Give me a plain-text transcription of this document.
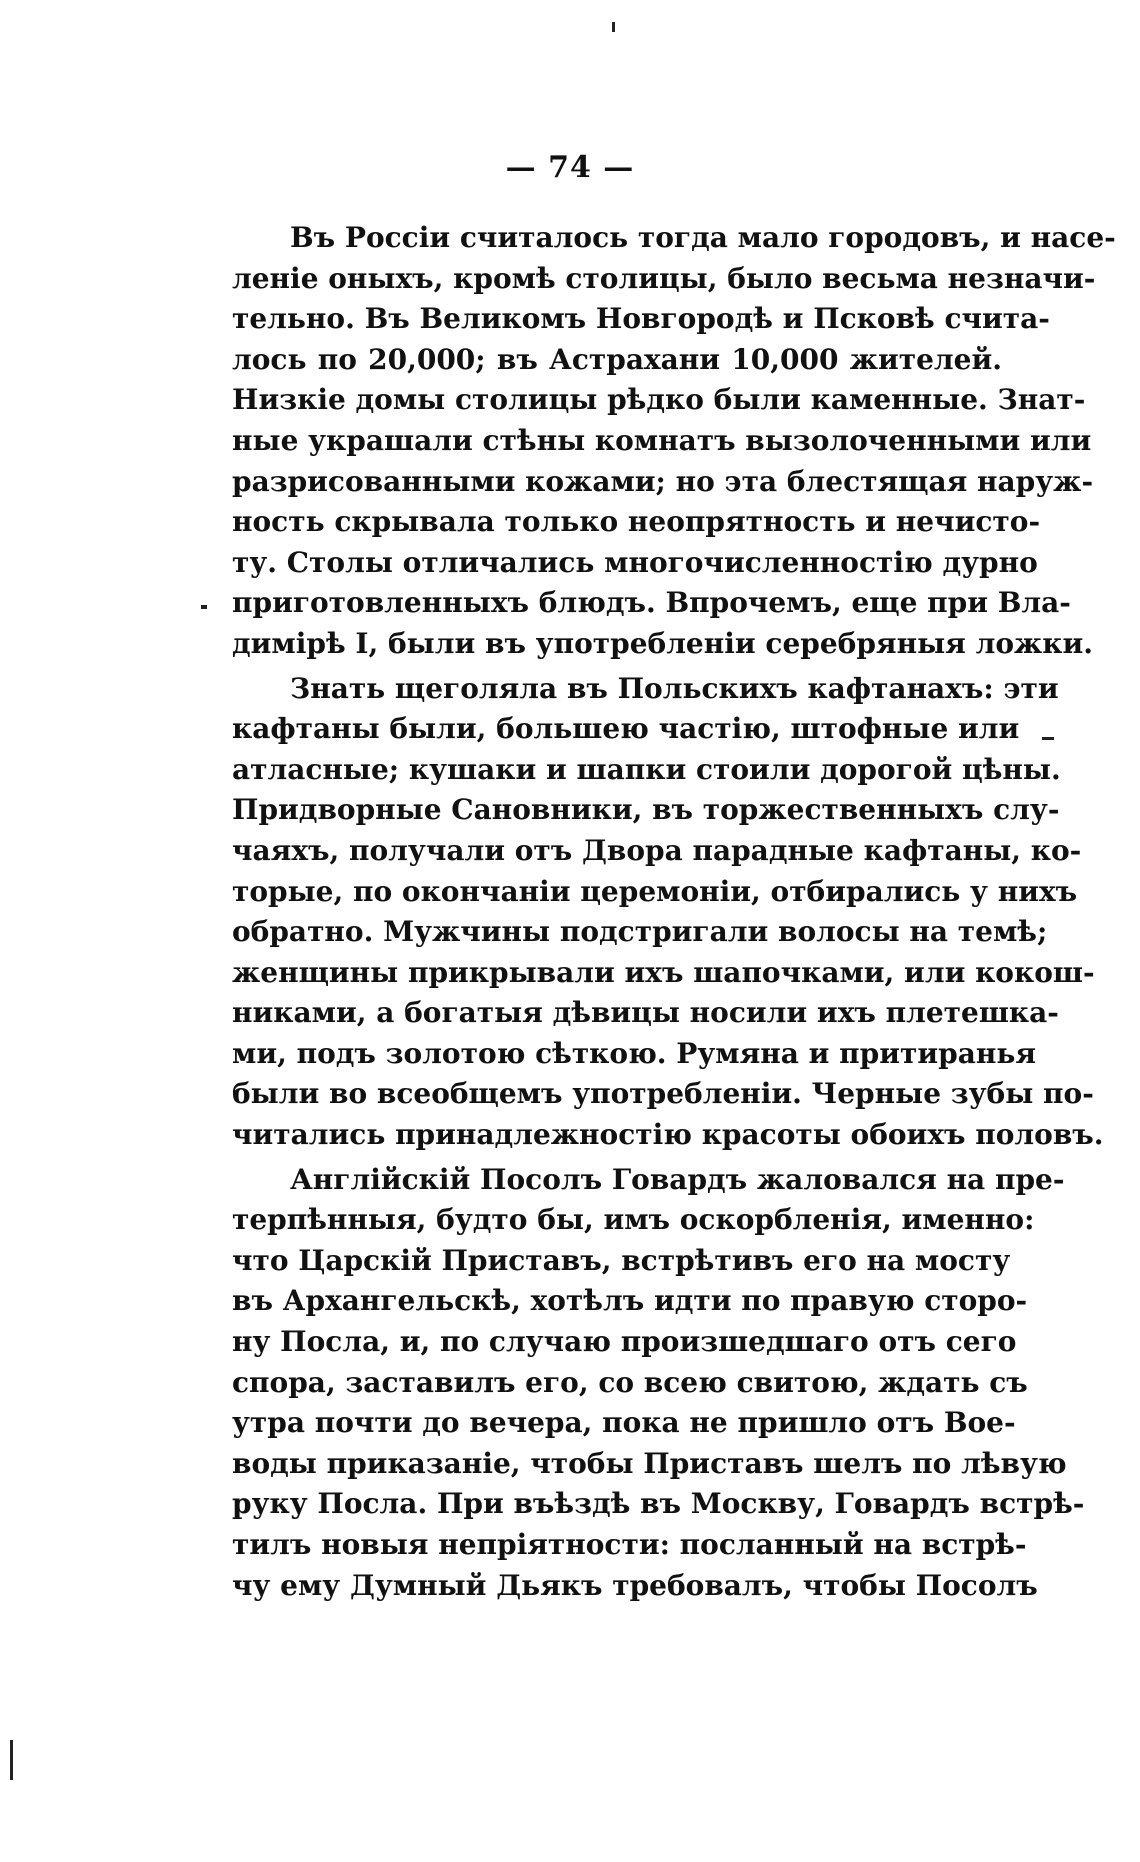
— 74 —
Въ Россіи считалось тогда мало городовъ, и насе-
леніе оныхъ, кромѣ столицы, было весьма незначи-
тельно. Въ Великомъ Новгородѣ и Псковѣ счита-
лось по 20,000; въ Астрахани 10,000 жителей.
Низкіе домы столицы рѣдко были каменные. Знат-
ные украшали стѣны комнатъ вызолоченными или
разрисованными кожами; но эта блестящая наруж-
ность скрывала только неопрятность и нечисто-
ту. Столы отличались многочисленностію дурно
приготовленныхъ блюдъ. Впрочемъ, еще при Вла-
димірѣ I, были въ употребленіи серебряныя ложки.
Знать щеголяла въ Польскихъ кафтанахъ: эти
кафтаны были, большею частію, штофные или
атласные; кушаки и шапки стоили дорогой цѣны.
Придворные Сановники, въ торжественныхъ слу-
чаяхъ, получали отъ Двора парадные кафтаны, ко-
торые, по окончаніи церемоніи, отбирались у нихъ
обратно. Мужчины подстригали волосы на темѣ;
женщины прикрывали ихъ шапочками, или кокош-
никами, а богатыя дѣвицы носили ихъ плетешка-
ми, подъ золотою сѣткою. Румяна и притиранья
были во всеобщемъ употребленіи. Черные зубы по-
читались принадлежностію красоты обоихъ половъ.
Англійскій Посолъ Говардъ жаловался на пре-
терпѣнныя, будто бы, имъ оскорбленія, именно:
что Царскій Приставъ, встрѣтивъ его на мосту
въ Архангельскѣ, хотѣлъ идти по правую сторо-
ну Посла, и, по случаю произшедшаго отъ сего
спора, заставилъ его, со всею свитою, ждать съ
утра почти до вечера, пока не пришло отъ Вое-
воды приказаніе, чтобы Приставъ шелъ по лѣвую
руку Посла. При въѣздѣ въ Москву, Говардъ встрѣ-
тилъ новыя непріятности: посланный на встрѣ-
чу ему Думный Дьякъ требовалъ, чтобы Посолъ
